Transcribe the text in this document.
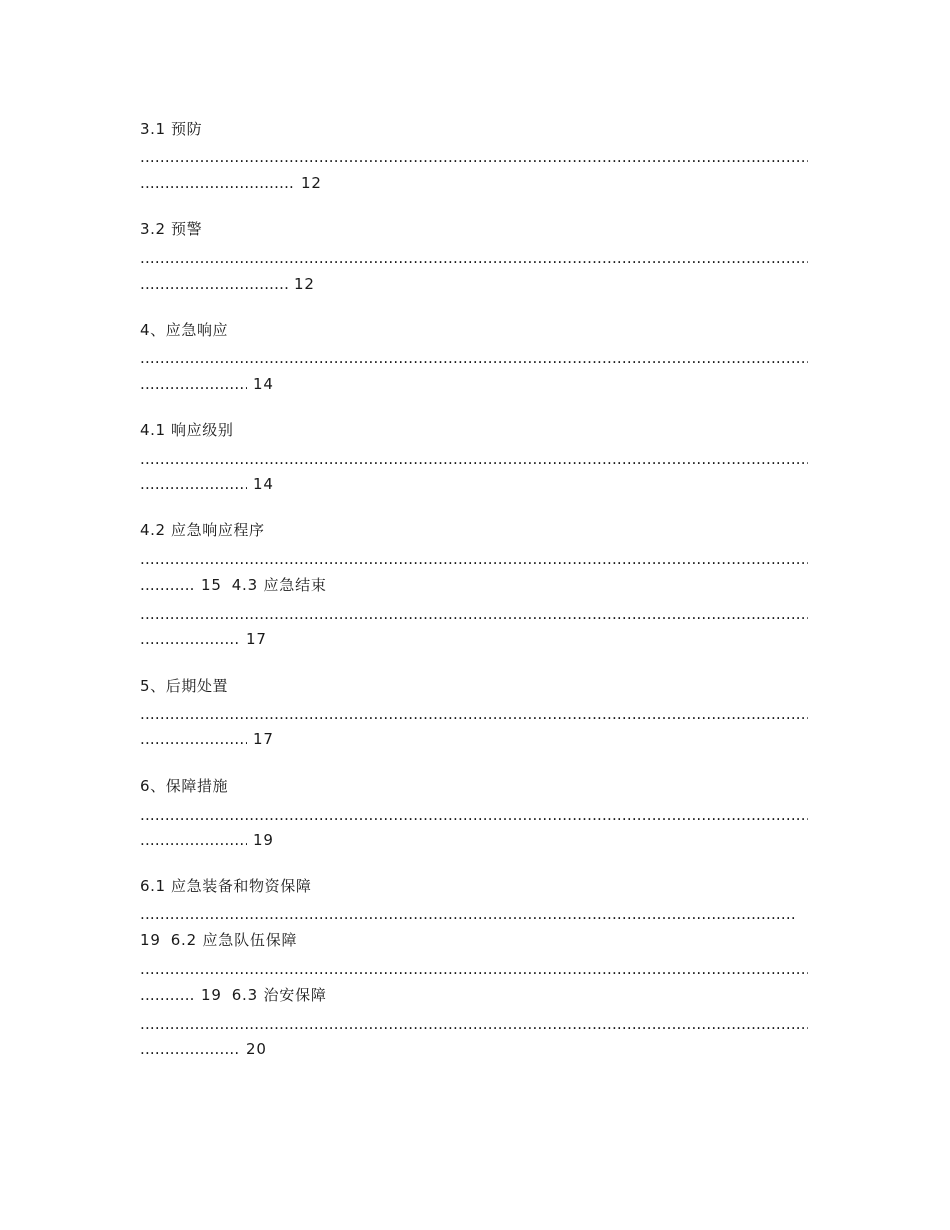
3.1 预防
.....
.....
12
3.2 预警
.....
.....
12
4、应急响应
.....
.....
14
4.1 响应级别
.....
.....
14
4.2 应急响应程序
.....
.....
15 4.3 应急结束
.....
.....
17
5、后期处置
.....
.....
17
6、保障措施
.....
.....
19
6.1 应急装备和物资保障
.....
19 6.2 应急队伍保障
.....
.....
19 6.3 治安保障
.....
.....
20
